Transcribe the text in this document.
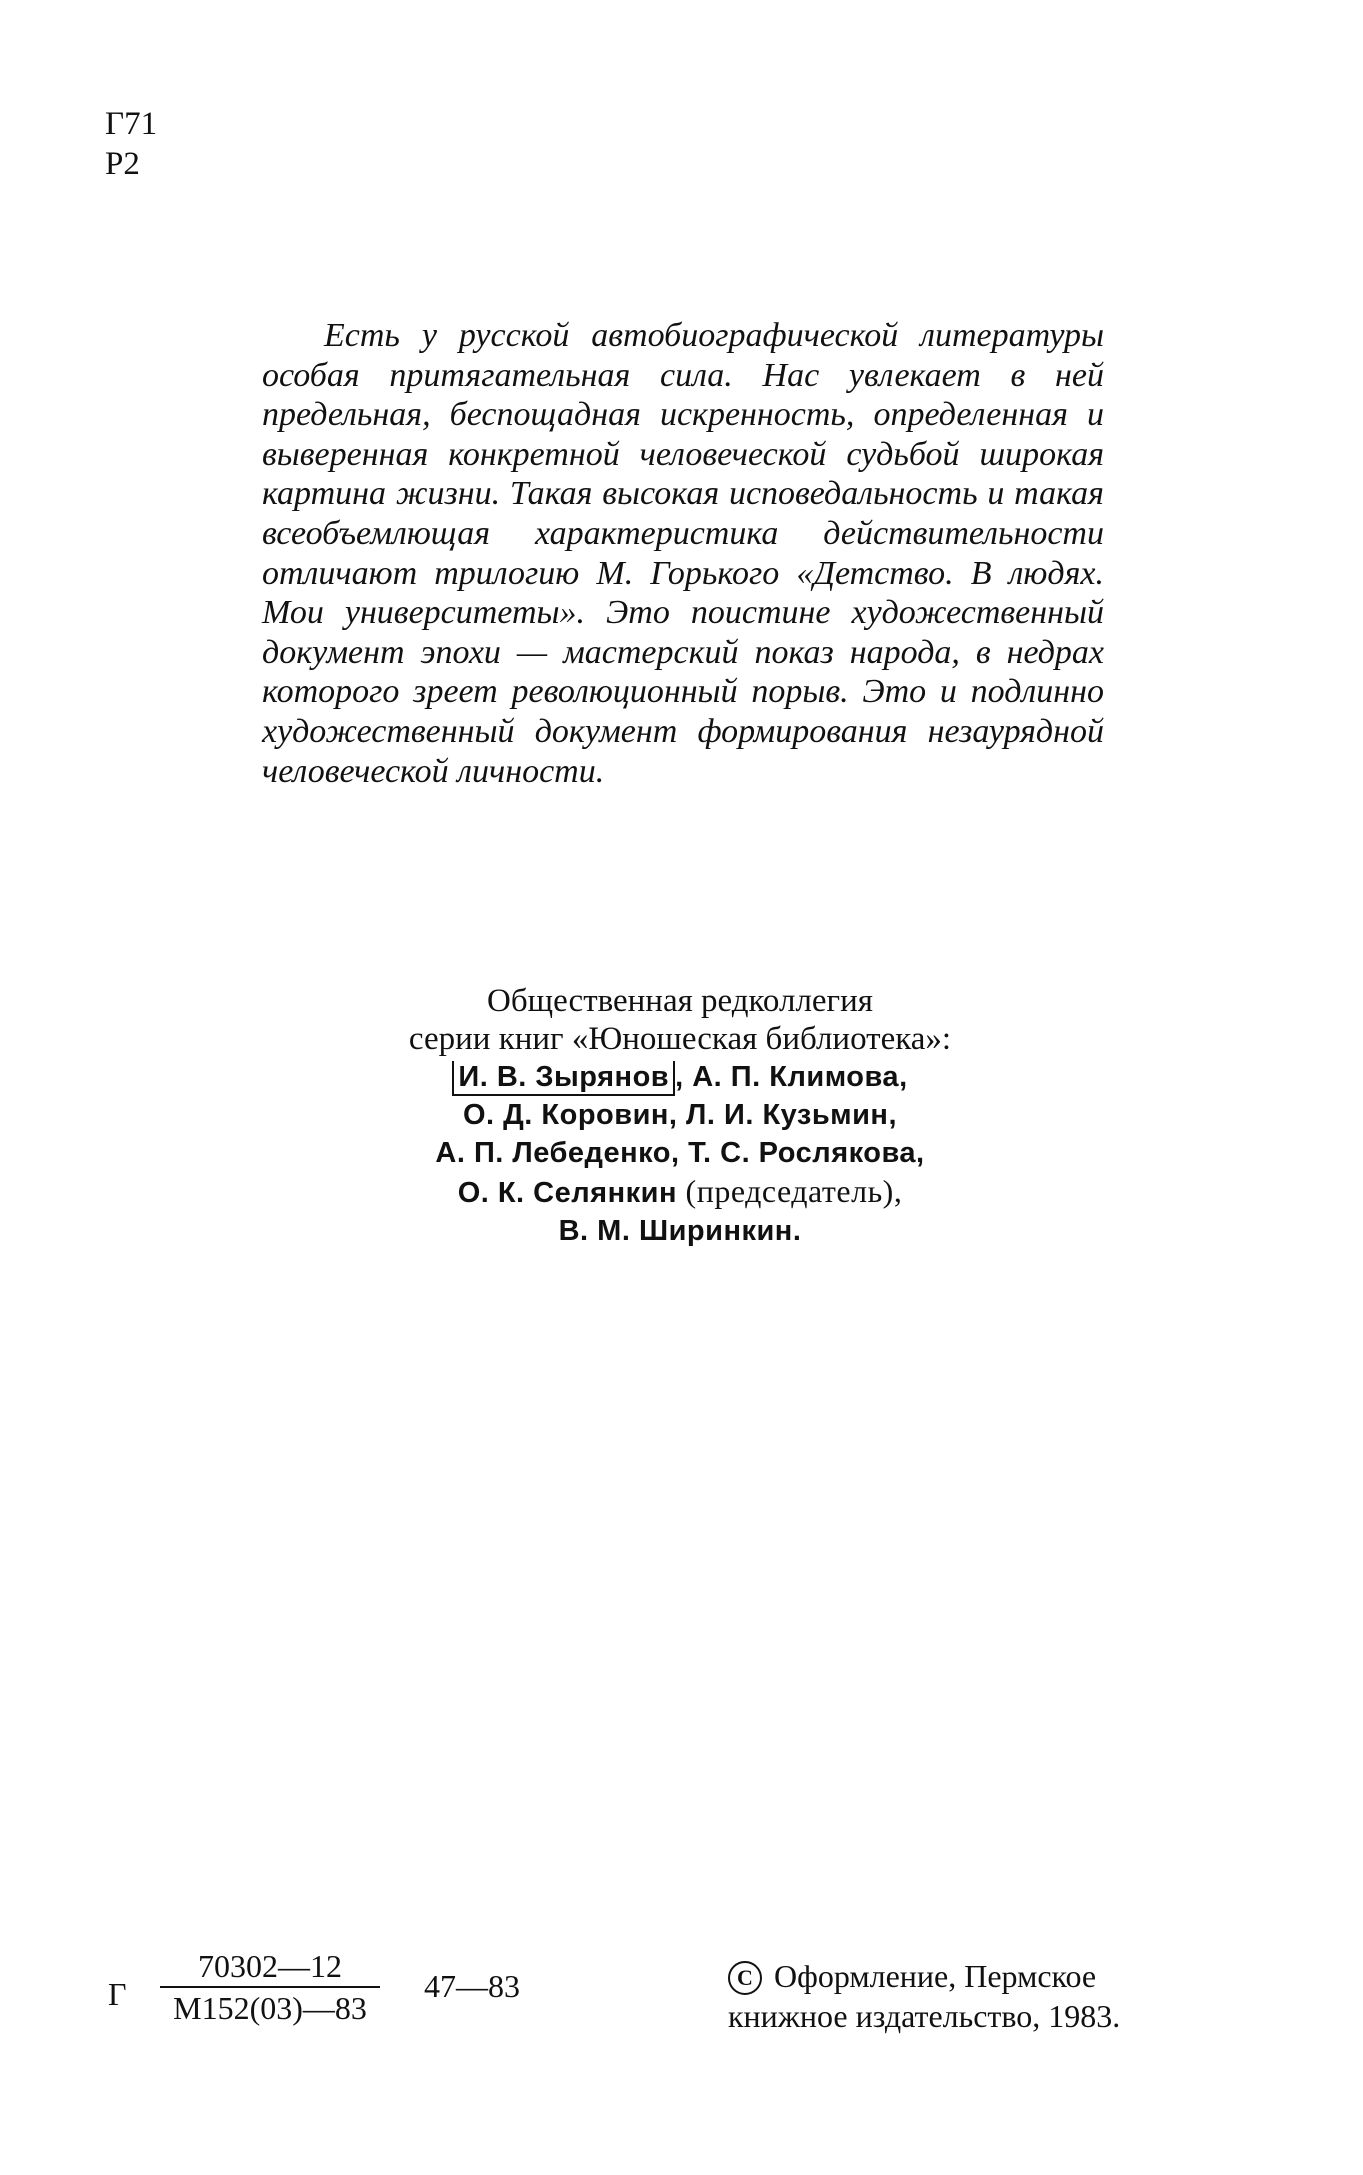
Г71
Р2

Есть у русской автобиографической литературы особая притягательная сила. Нас увлекает в ней предельная, беспощадная искренность, определенная и выверенная конкретной человеческой судьбой широкая картина жизни. Такая высокая исповедальность и такая всеобъемлющая характеристика действительности отличают трилогию М. Горького «Детство. В людях. Мои университеты». Это поистине художественный документ эпохи — мастерский показ народа, в недрах которого зреет революционный порыв. Это и подлинно художественный документ формирования незаурядной человеческой личности.

Общественная редколлегия
серии книг «Юношеская библиотека»:
И. В. Зырянов , А. П. Климова,
О. Д. Коровин, Л. И. Кузьмин,
А. П. Лебеденко, Т. С. Рослякова,
О. К. Селянкин (председатель),
В. М. Ширинкин.
Г
70302—12
М152(03)—83
47—83	C Оформление, Пермское
книжное издательство, 1983.
